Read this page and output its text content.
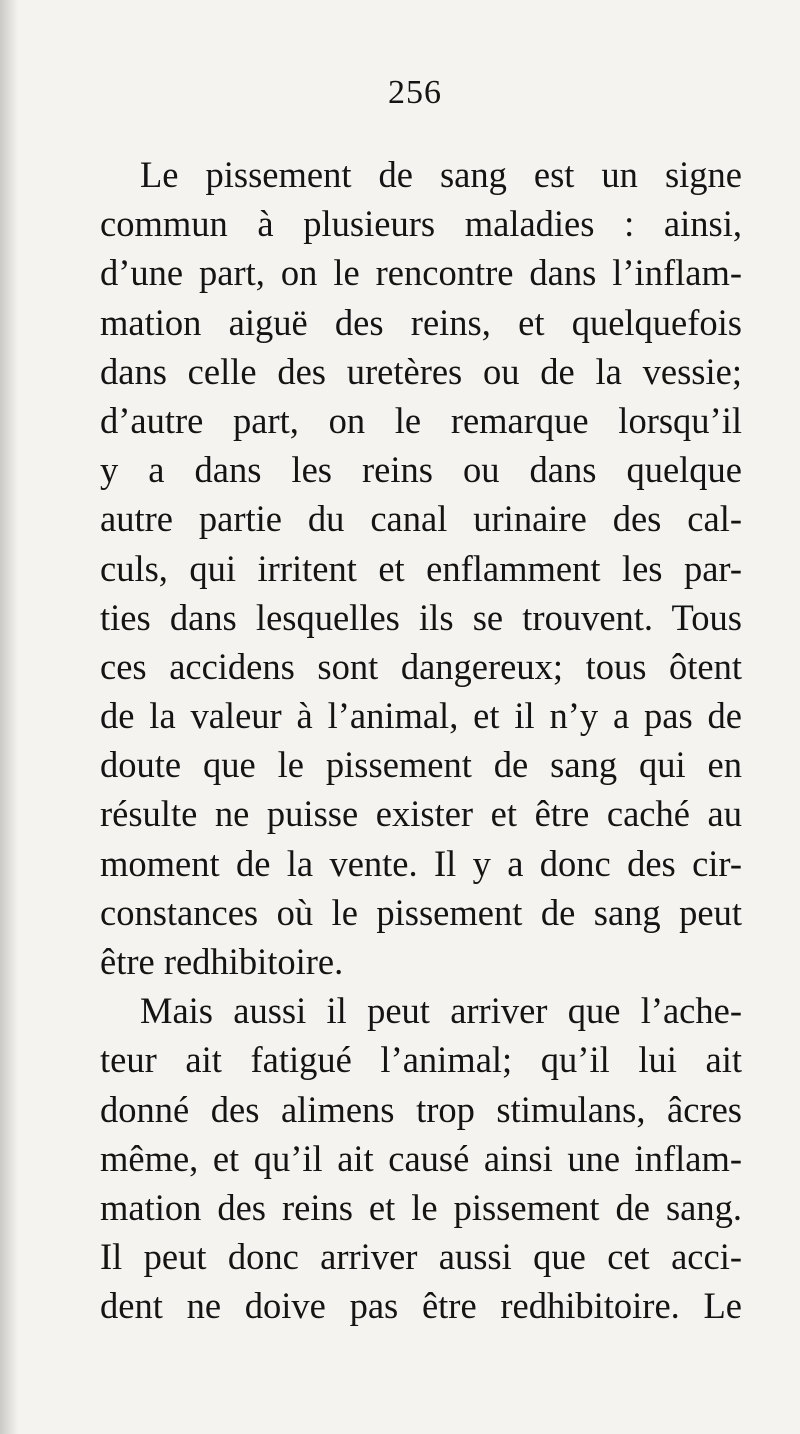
256
Le pissement de sang est un signe
commun à plusieurs maladies : ainsi,
d’une part, on le rencontre dans l’inflam-
mation aiguë des reins, et quelquefois
dans celle des uretères ou de la vessie;
d’autre part, on le remarque lorsqu’il
y a dans les reins ou dans quelque
autre partie du canal urinaire des cal-
culs, qui irritent et enflamment les par-
ties dans lesquelles ils se trouvent. Tous
ces accidens sont dangereux; tous ôtent
de la valeur à l’animal, et il n’y a pas de
doute que le pissement de sang qui en
résulte ne puisse exister et être caché au
moment de la vente. Il y a donc des cir-
constances où le pissement de sang peut
être redhibitoire.
Mais aussi il peut arriver que l’ache-
teur ait fatigué l’animal; qu’il lui ait
donné des alimens trop stimulans, âcres
même, et qu’il ait causé ainsi une inflam-
mation des reins et le pissement de sang.
Il peut donc arriver aussi que cet acci-
dent ne doive pas être redhibitoire. Le
